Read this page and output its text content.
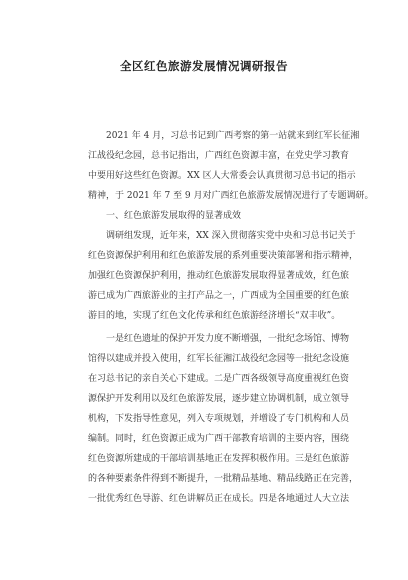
全区红色旅游发展情况调研报告
2021 年 4 月，习总书记到广西考察的第一站就来到红军长征湘
江战役纪念园，总书记指出，广西红色资源丰富，在党史学习教育
中要用好这些红色资源。XX 区人大常委会认真贯彻习总书记的指示
精神，于 2021 年 7 至 9 月对广西红色旅游发展情况进行了专题调研。
一、红色旅游发展取得的显著成效
调研组发现，近年来，XX 深入贯彻落实党中央和习总书记关于
红色资源保护利用和红色旅游发展的系列重要决策部署和指示精神，
加强红色资源保护利用，推动红色旅游发展取得显著成效，红色旅
游已成为广西旅游业的主打产品之一，广西成为全国重要的红色旅
游目的地，实现了红色文化传承和红色旅游经济增长“双丰收”。
一是红色遗址的保护开发力度不断增强，一批纪念场馆、博物
馆得以建成并投入使用，红军长征湘江战役纪念园等一批纪念设施
在习总书记的亲自关心下建成。二是广西各级领导高度重视红色资
源保护开发利用以及红色旅游发展，逐步建立协调机制，成立领导
机构，下发指导性意见，列入专项规划，并增设了专门机构和人员
编制。同时，红色资源正成为广西干部教育培训的主要内容，围绕
红色资源所建成的干部培训基地正在发挥积极作用。三是红色旅游
的各种要素条件得到不断提升，一批精品基地、精品线路正在完善，
一批优秀红色导游、红色讲解员正在成长。四是各地通过人大立法
